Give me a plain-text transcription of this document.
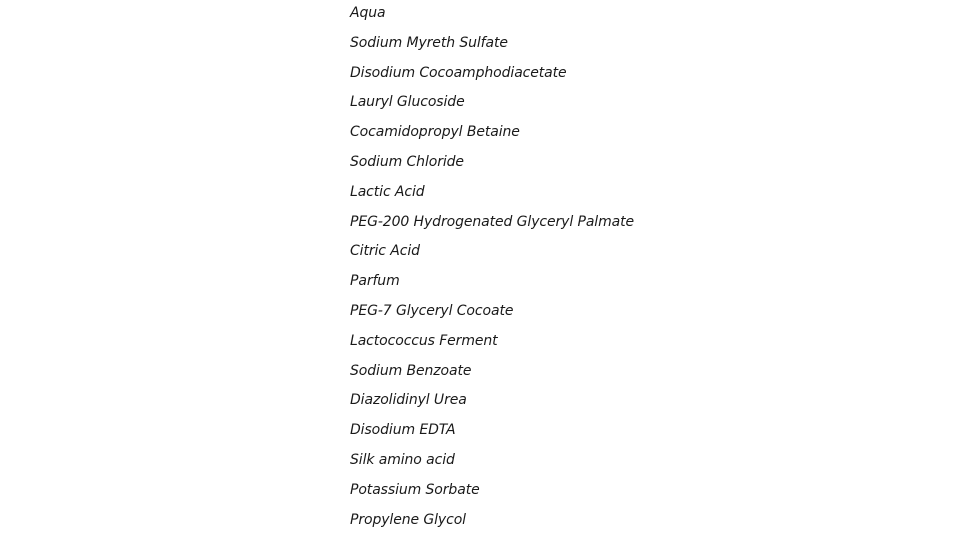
Aqua
Sodium Myreth Sulfate
Disodium Cocoamphodiacetate
Lauryl Glucoside
Cocamidopropyl Betaine
Sodium Chloride
Lactic Acid
PEG-200 Hydrogenated Glyceryl Palmate
Citric Acid
Parfum
PEG-7 Glyceryl Cocoate
Lactococcus Ferment
Sodium Benzoate
Diazolidinyl Urea
Disodium EDTA
Silk amino acid
Potassium Sorbate
Propylene Glycol
